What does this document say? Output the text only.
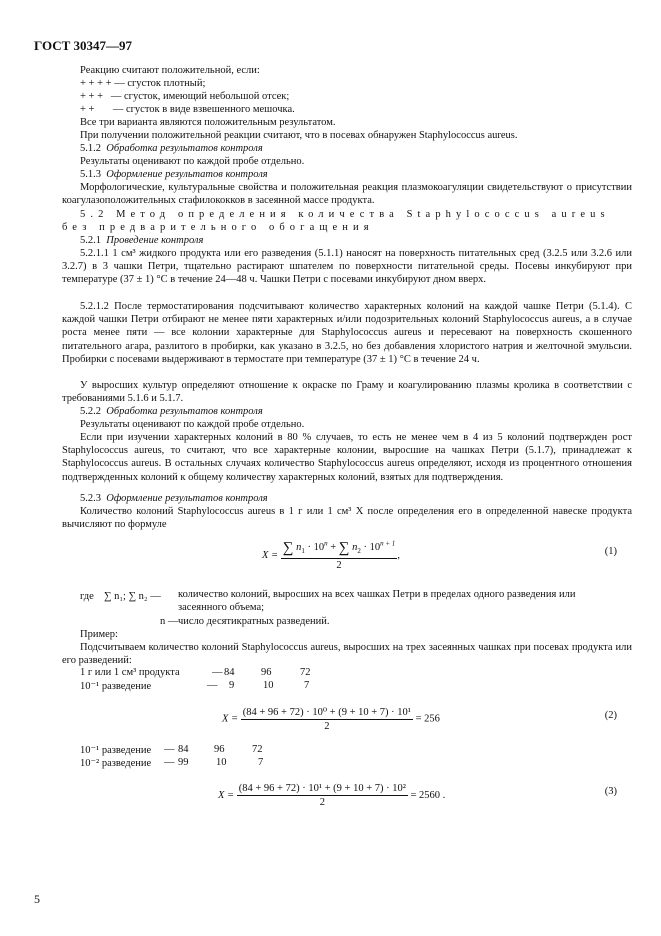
ГОСТ 30347—97
Реакцию считают положительной, если:
+ + + + — сгусток плотный;
+ + + — сгусток, имеющий небольшой отсек;
+ + — сгусток в виде взвешенного мешочка.
Все три варианта являются положительным результатом.
При получении положительной реакции считают, что в посевах обнаружен Staphylococcus aureus.
5.1.2 Обработка результатов контроля
Результаты оценивают по каждой пробе отдельно.
5.1.3 Оформление результатов контроля
Морфологические, культуральные свойства и положительная реакция плазмокоагуляции свидетельствуют о присутствии коагулазоположительных стафилококков в засеянной массе продукта.
5.2 Метод определения количества Staphylococcus aureus
без предварительного обогащения
5.2.1 Проведение контроля
5.2.1.1 1 см³ жидкого продукта или его разведения (5.1.1) наносят на поверхность питательных сред (3.2.5 или 3.2.6 или 3.2.7) в 3 чашки Петри, тщательно растирают шпателем по поверхности питательной среды. Посевы инкубируют при температуре (37 ± 1) °С в течение 24—48 ч. Чашки Петри с посевами инкубируют дном вверх.
5.2.1.2 После термостатирования подсчитывают количество характерных колоний на каждой чашке Петри (5.1.4). С каждой чашки Петри отбирают не менее пяти характерных и/или подозрительных колоний Staphylococcus aureus, а в случае роста менее пяти — все колонии характерные для Staphylococcus aureus и пересевают на поверхность скошенного питательного агара, разлитого в пробирки, как указано в 3.2.5, но без добавления хлористого натрия и желточной эмульсии. Пробирки с посевами выдерживают в термостате при температуре (37 ± 1) °С в течение 24 ч.
У выросших культур определяют отношение к окраске по Граму и коагулированию плазмы кролика в соответствии с требованиями 5.1.6 и 5.1.7.
5.2.2 Обработка результатов контроля
Результаты оценивают по каждой пробе отдельно.
Если при изучении характерных колоний в 80 % случаев, то есть не менее чем в 4 из 5 колоний подтвержден рост Staphylococcus aureus, то считают, что все характерные колонии, выросшие на чашках Петри (5.1.7), принадлежат к Staphylococcus aureus. В остальных случаях количество Staphylococcus aureus определяют, исходя из процентного отношения подтвержденных колоний к общему количеству характерных колоний, взятых для подтверждения.
5.2.3 Оформление результатов контроля
Количество колоний Staphylococcus aureus в 1 г или 1 см³ X после определения его в определенной навеске продукта вычисляют по формуле
$X = \frac{\sum n_1 \cdot 10^n + \sum n_2 \cdot 10^{n + 1}}{2}$ ,	(1)
где ∑ n₁; ∑ n₂ — количество колоний, выросших на всех чашках Петри в пределах одного разведения или засеянного объема;
n — число десятикратных разведений.
Пример:
Подсчитываем количество колоний Staphylococcus aureus, выросших на трех засеянных чашках при посевах продукта или его разведений:
1 г или 1 см³ продукта	— 84	96	72
10⁻¹ разведение	— 9	10	7
$X = \frac{\text{(84 + 96 + 72) · 10⁰ + (9 + 10 + 7) · 10¹}}{2} = 256$	(2)
10⁻¹ разведение — 84 96	72
10⁻² разведение — 99	10	7
$X = \frac{\text{(84 + 96 + 72) · 10¹ + (9 + 10 + 7) · 10²}}{2} = 2560$ .	(3)
5
